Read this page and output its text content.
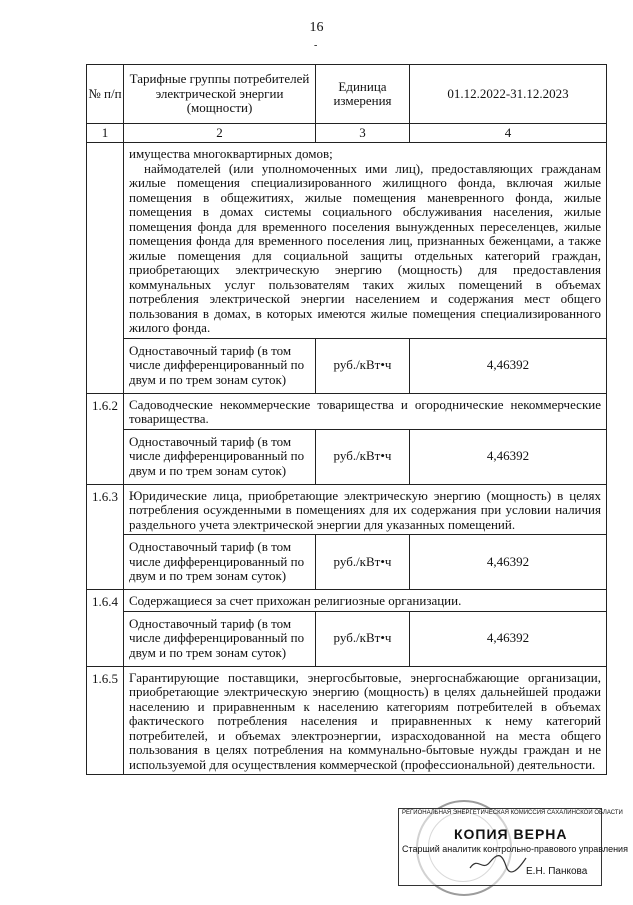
16
-
№ п/п	Тарифные группы потребителей электрической энергии (мощности)	Единица измерения	01.12.2022-31.12.2023
1	2	3	4

	имущества многоквартирных домов;
наймодателей (или уполномоченных ими лиц), предоставляющих гражданам жилые помещения специализированного жилищного фонда, включая жилые помещения в общежитиях, жилые помещения маневренного фонда, жилые помещения в домах системы социального обслуживания населения, жилые помещения фонда для временного поселения вынужденных переселенцев, жилые помещения фонда для временного поселения лиц, признанных беженцами, а также жилые помещения для социальной защиты отдельных категорий граждан, приобретающих электрическую энергию (мощность) для предоставления коммунальных услуг пользователям таких жилых помещений в объемах потребления электрической энергии населением и содержания мест общего пользования в домах, в которых имеются жилые помещения специализированного жилого фонда.		

	Одноставочный тариф (в том числе дифференцированный по двум и по трем зонам суток)	руб./кВт•ч	4,46392
1.6.2	Садоводческие некоммерческие товарищества и огороднические некоммерческие товарищества.		
	Одноставочный тариф (в том числе дифференцированный по двум и по трем зонам суток)	руб./кВт•ч	4,46392
1.6.3	Юридические лица, приобретающие электрическую энергию (мощность) в целях потребления осужденными в помещениях для их содержания при условии наличия раздельного учета электрической энергии для указанных помещений.		
	Одноставочный тариф (в том числе дифференцированный по двум и по трем зонам суток)	руб./кВт•ч	4,46392
1.6.4	Содержащиеся за счет прихожан религиозные организации.		
	Одноставочный тариф (в том числе дифференцированный по двум и по трем зонам суток)	руб./кВт•ч	4,46392
1.6.5	Гарантирующие поставщики, энергосбытовые, энергоснабжающие организации, приобретающие электрическую энергию (мощность) в целях дальнейшей продажи населению и приравненным к населению категориям потребителей в объемах фактического потребления населения и приравненных к нему категорий потребителей, и объемах электроэнергии, израсходованной на места общего пользования в целях потребления на коммунально-бытовые нужды граждан и не используемой для осуществления коммерческой (профессиональной) деятельности.		
РЕГИОНАЛЬНАЯ ЭНЕРГЕТИЧЕСКАЯ КОМИССИЯ САХАЛИНСКОЙ ОБЛАСТИ
КОПИЯ ВЕРНА
Старший аналитик контрольно-правового управления
Е.Н. Панкова
